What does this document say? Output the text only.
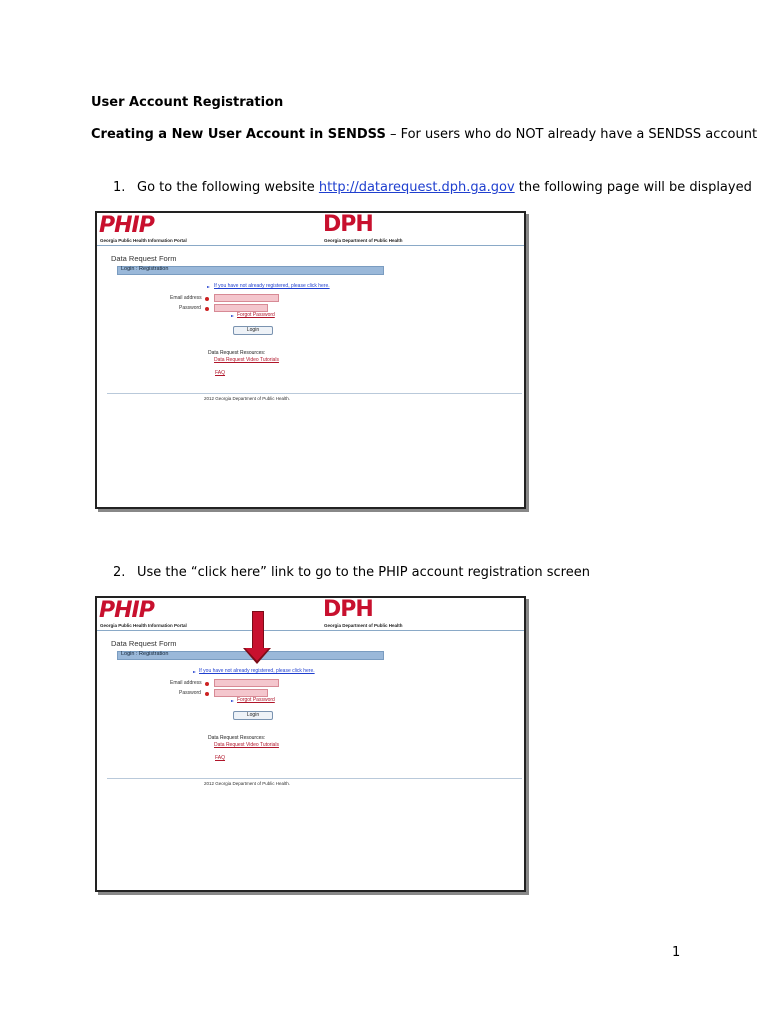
User Account Registration
Creating a New User Account in SENDSS – For users who do NOT already have a SENDSS account
1. Go to the following website http://datarequest.dph.ga.gov the following page will be displayed
2. Use the “click here” link to go to the PHIP account registration screen
1
PHIP
Georgia Public Health Information Portal
DPH
Georgia Department of Public Health
Data Request Form
Login : Registration
If you have not already registered, please click here.
Email address
Password
Forgot Password
Login
Data Request Resources:
Data Request Video Tutorials
FAQ
2012 Georgia Department of Public Health.
PHIP
Georgia Public Health Information Portal
DPH
Georgia Department of Public Health
Data Request Form
Login : Registration
If you have not already registered, please click here.
Email address
Password
Forgot Password
Login
Data Request Resources:
Data Request Video Tutorials
FAQ
2012 Georgia Department of Public Health.
